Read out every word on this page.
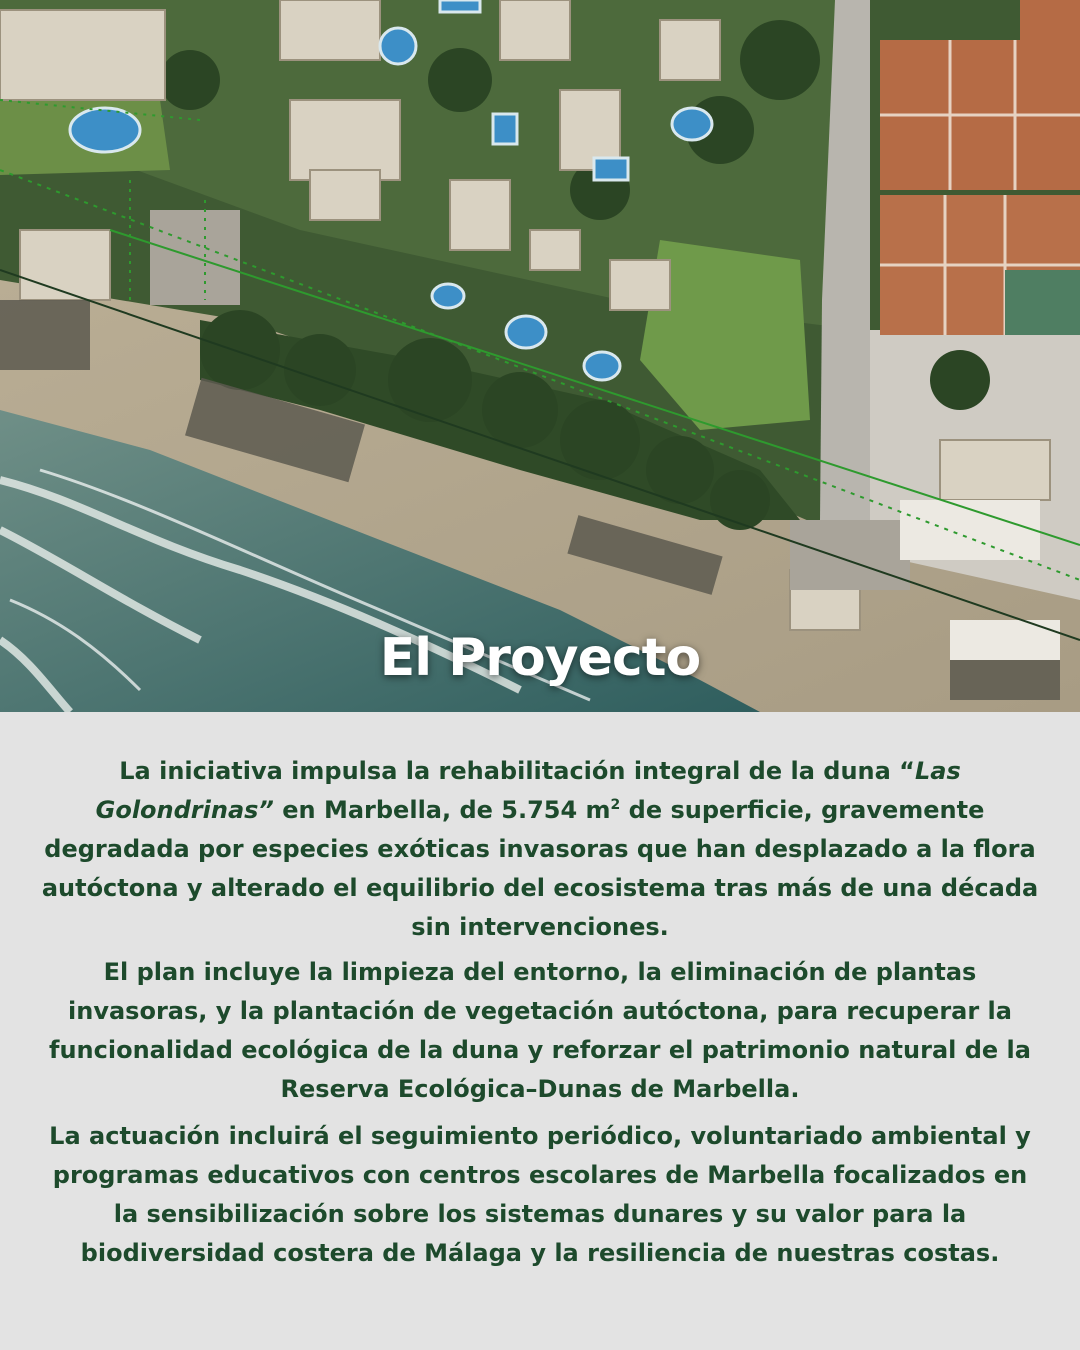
El Proyecto

La iniciativa impulsa la rehabilitación integral de la duna “Las Golondrinas” en Marbella, de 5.754 $m^2$ de superficie, gravemente degradada por especies exóticas invasoras que han desplazado a la flora autóctona y alterado el equilibrio del ecosistema tras más de una década sin intervenciones.

El plan incluye la limpieza del entorno, la eliminación de plantas invasoras, y la plantación de vegetación autóctona, para recuperar la funcionalidad ecológica de la duna y reforzar el patrimonio natural de la Reserva Ecológica–Dunas de Marbella.

La actuación incluirá el seguimiento periódico, voluntariado ambiental y programas educativos con centros escolares de Marbella focalizados en la sensibilización sobre los sistemas dunares y su valor para la biodiversidad costera de Málaga y la resiliencia de nuestras costas.
